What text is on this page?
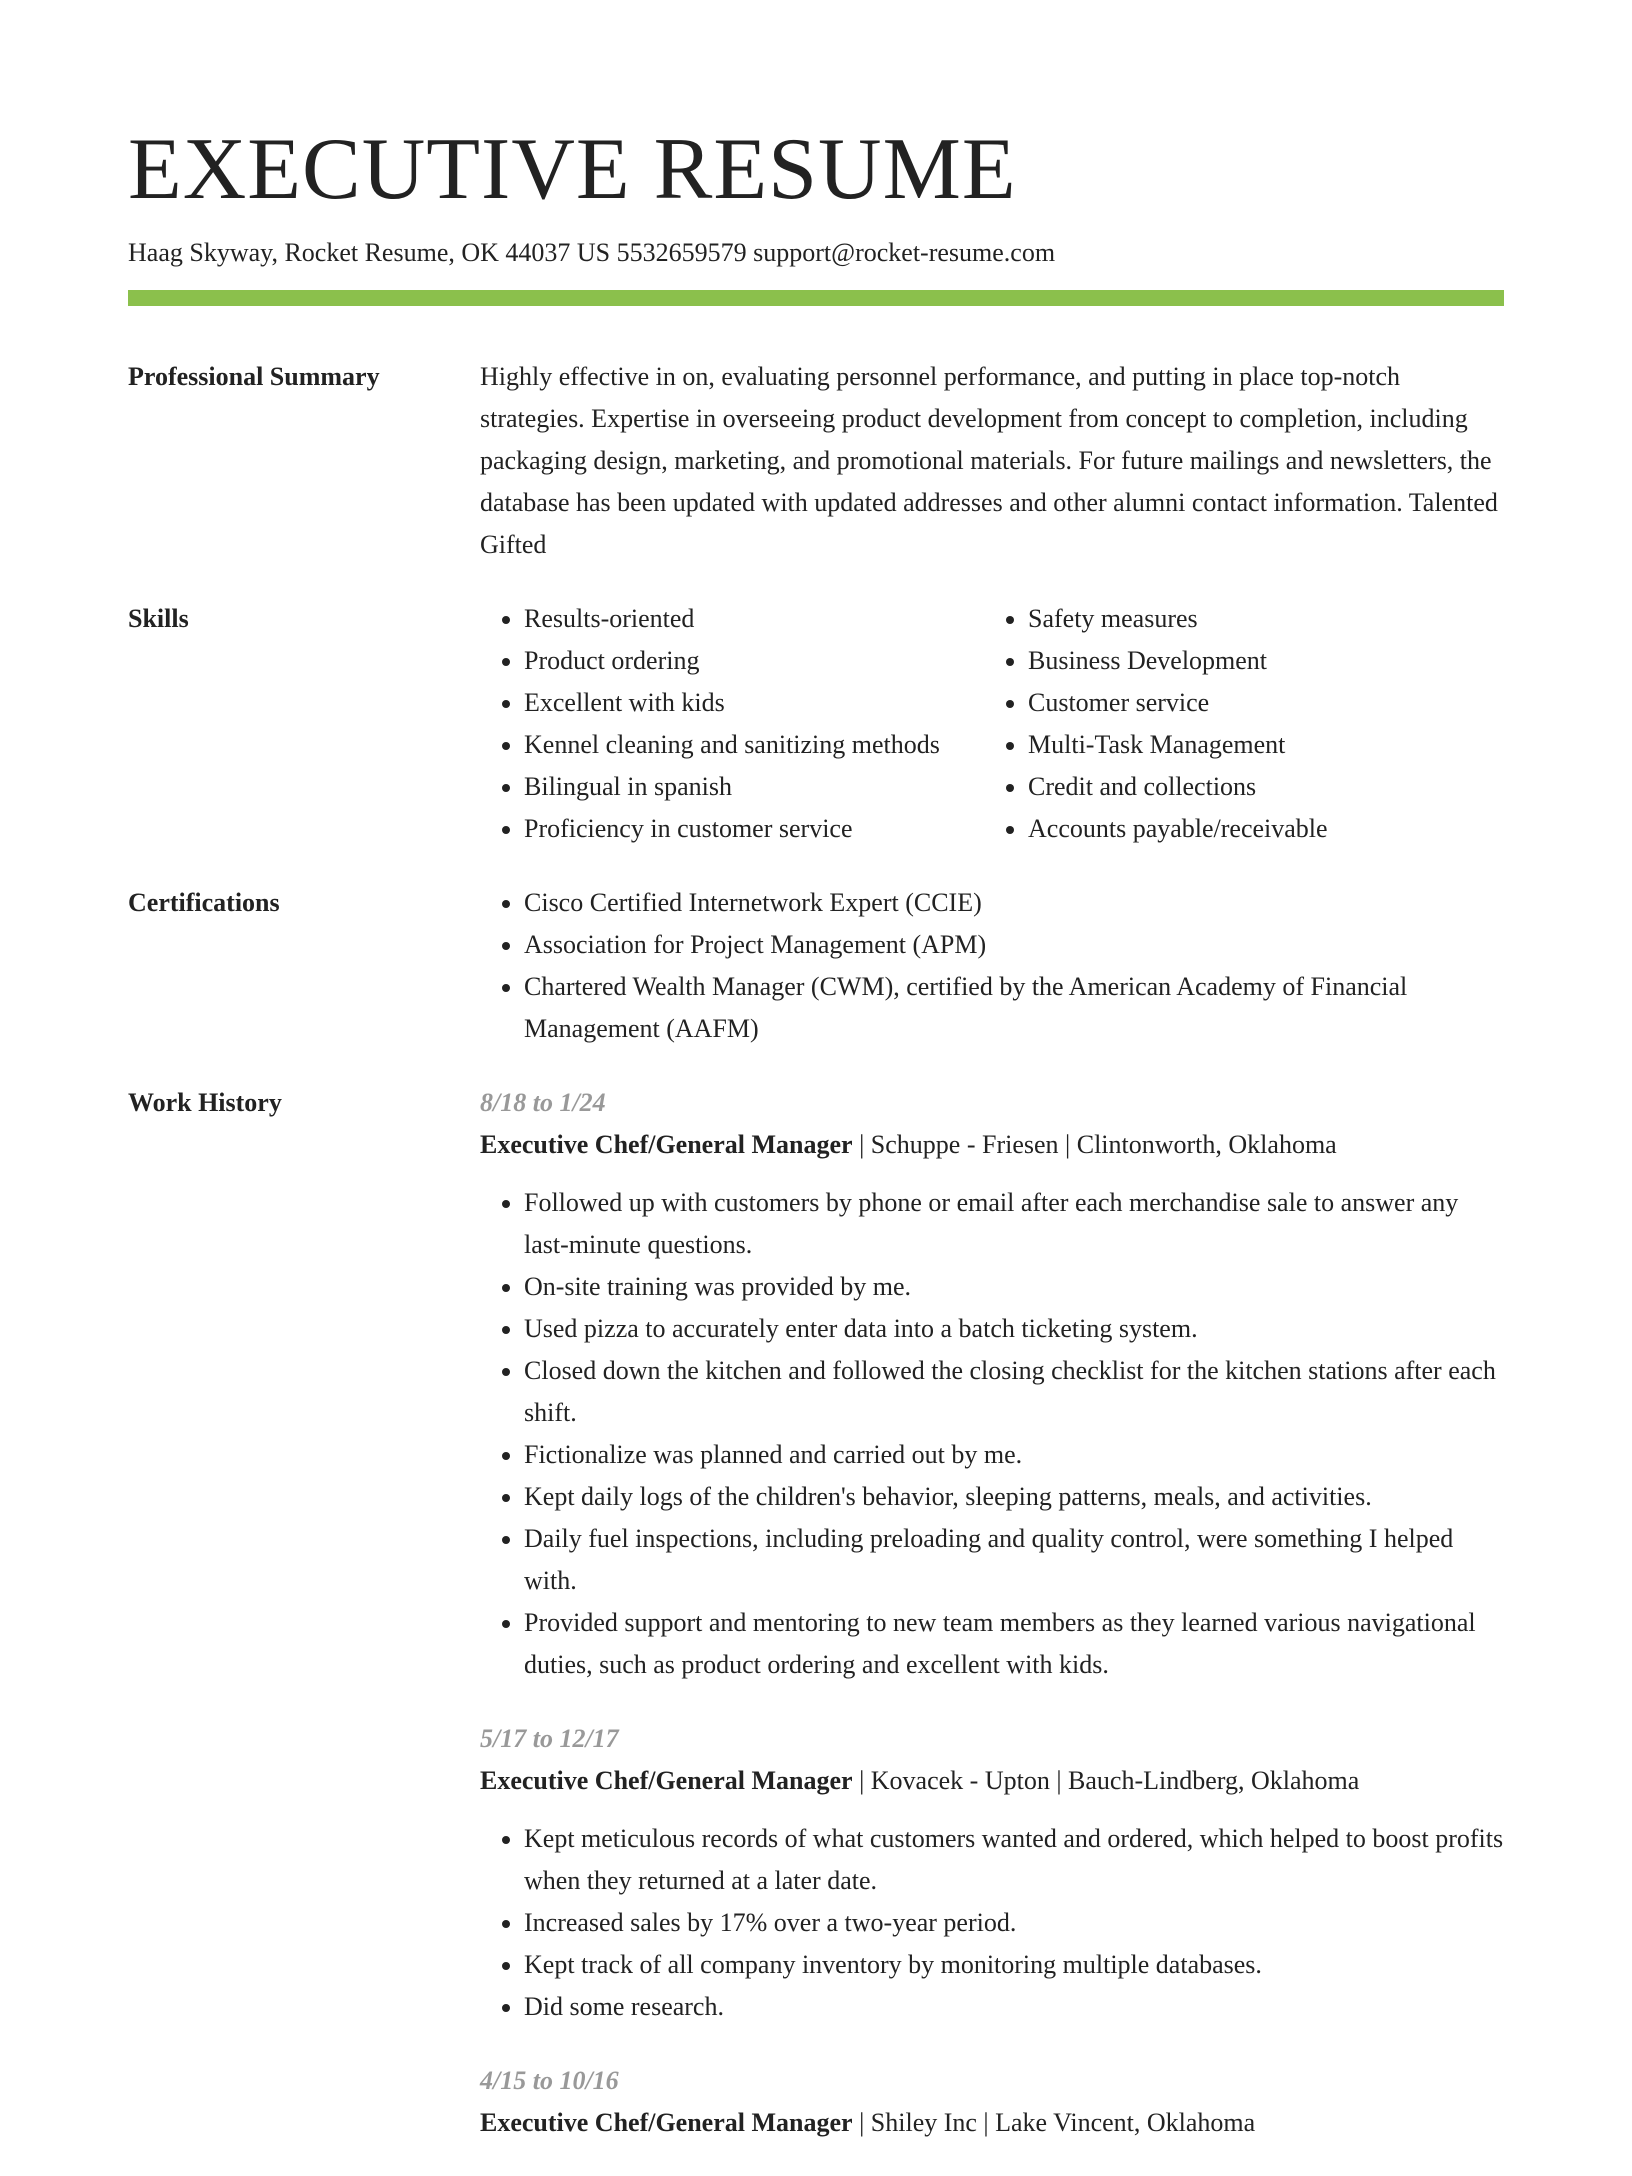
EXECUTIVE RESUME
Haag Skyway, Rocket Resume, OK 44037 US 5532659579 support@rocket-resume.com
Professional Summary	Highly effective in on, evaluating personnel performance, and putting in place top-notch strategies. Expertise in overseeing product development from concept to completion, including packaging design, marketing, and promotional materials. For future mailings and newsletters, the database has been updated with updated addresses and other alumni contact information. Talented Gifted
Skills	• Results-oriented
• Product ordering
• Excellent with kids
• Kennel cleaning and sanitizing methods
• Bilingual in spanish
• Proficiency in customer service
• Safety measures
• Business Development
• Customer service
• Multi-Task Management
• Credit and collections
• Accounts payable/receivable
Certifications	• Cisco Certified Internetwork Expert (CCIE)
• Association for Project Management (APM)
• Chartered Wealth Manager (CWM), certified by the American Academy of Financial Management (AAFM)
Work History	8/18 to 1/24
Executive Chef/General Manager | Schuppe - Friesen | Clintonworth, Oklahoma
• Followed up with customers by phone or email after each merchandise sale to answer any last-minute questions.
• On-site training was provided by me.
• Used pizza to accurately enter data into a batch ticketing system.
• Closed down the kitchen and followed the closing checklist for the kitchen stations after each shift.
• Fictionalize was planned and carried out by me.
• Kept daily logs of the children's behavior, sleeping patterns, meals, and activities.
• Daily fuel inspections, including preloading and quality control, were something I helped with.
• Provided support and mentoring to new team members as they learned various navigational duties, such as product ordering and excellent with kids.
5/17 to 12/17
Executive Chef/General Manager | Kovacek - Upton | Bauch-Lindberg, Oklahoma
• Kept meticulous records of what customers wanted and ordered, which helped to boost profits when they returned at a later date.
• Increased sales by 17% over a two-year period.
• Kept track of all company inventory by monitoring multiple databases.
• Did some research.
4/15 to 10/16
Executive Chef/General Manager | Shiley Inc | Lake Vincent, Oklahoma
